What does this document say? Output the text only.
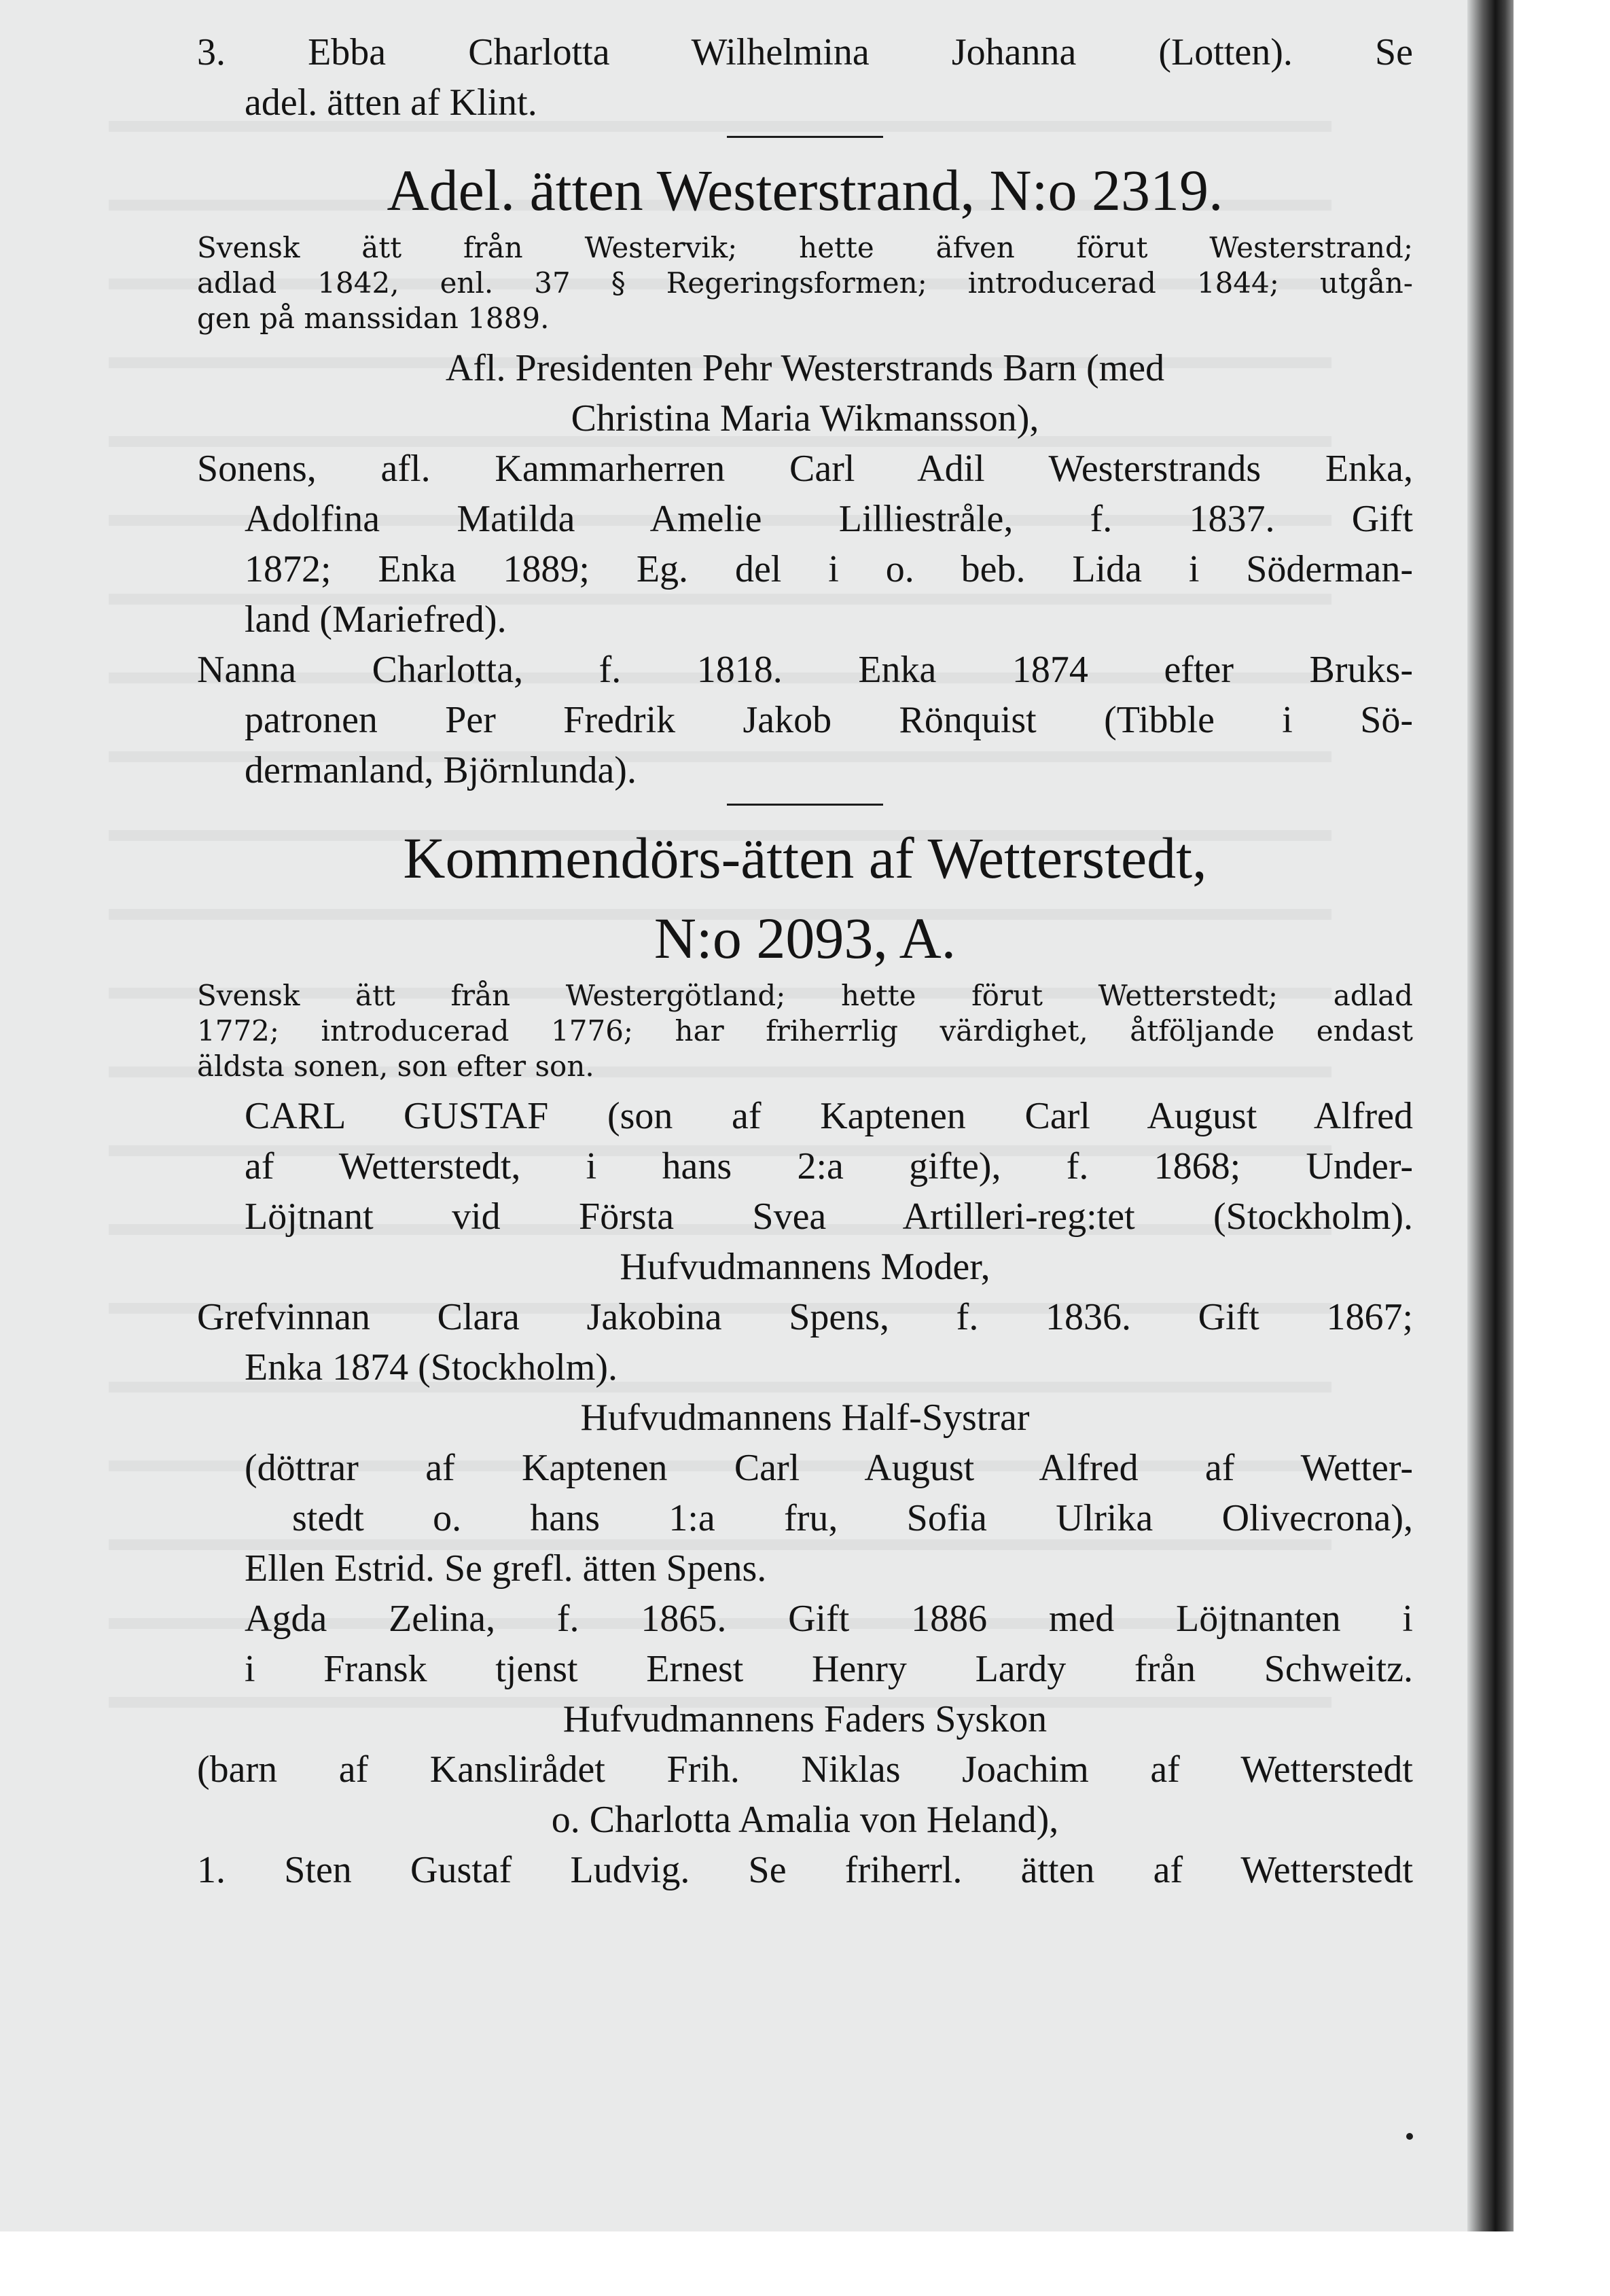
3. Ebba Charlotta Wilhelmina Johanna (Lotten). Se
adel. ätten af Klint.
Adel. ätten Westerstrand, N:o 2319.
Svensk ätt från Westervik; hette äfven förut Westerstrand;
adlad 1842, enl. 37 § Regeringsformen; introducerad 1844; utgån-
gen på manssidan 1889.
Afl. Presidenten Pehr Westerstrands Barn (med
Christina Maria Wikmansson),
Sonens, afl. Kammarherren Carl Adil Westerstrands Enka,
Adolfina Matilda Amelie Lilliestråle, f. 1837. Gift
1872; Enka 1889; Eg. del i o. beb. Lida i Söderman-
land (Mariefred).
Nanna Charlotta, f. 1818. Enka 1874 efter Bruks-
patronen Per Fredrik Jakob Rönquist (Tibble i Sö-
dermanland, Björnlunda).
Kommendörs-ätten af Wetterstedt,
N:o 2093, A.
Svensk ätt från Westergötland; hette förut Wetterstedt; adlad
1772; introducerad 1776; har friherrlig värdighet, åtföljande endast
äldsta sonen, son efter son.
CARL GUSTAF (son af Kaptenen Carl August Alfred
af Wetterstedt, i hans 2:a gifte), f. 1868; Under-
Löjtnant vid Första Svea Artilleri-reg:tet (Stockholm).
Hufvudmannens Moder,
Grefvinnan Clara Jakobina Spens, f. 1836. Gift 1867;
Enka 1874 (Stockholm).
Hufvudmannens Half-Systrar
(döttrar af Kaptenen Carl August Alfred af Wetter-
stedt o. hans 1:a fru, Sofia Ulrika Olivecrona),
Ellen Estrid. Se grefl. ätten Spens.
Agda Zelina, f. 1865. Gift 1886 med Löjtnanten i
i Fransk tjenst Ernest Henry Lardy från Schweitz.
Hufvudmannens Faders Syskon
(barn af Kanslirådet Frih. Niklas Joachim af Wetterstedt
o. Charlotta Amalia von Heland),
1. Sten Gustaf Ludvig. Se friherrl. ätten af Wetterstedt
